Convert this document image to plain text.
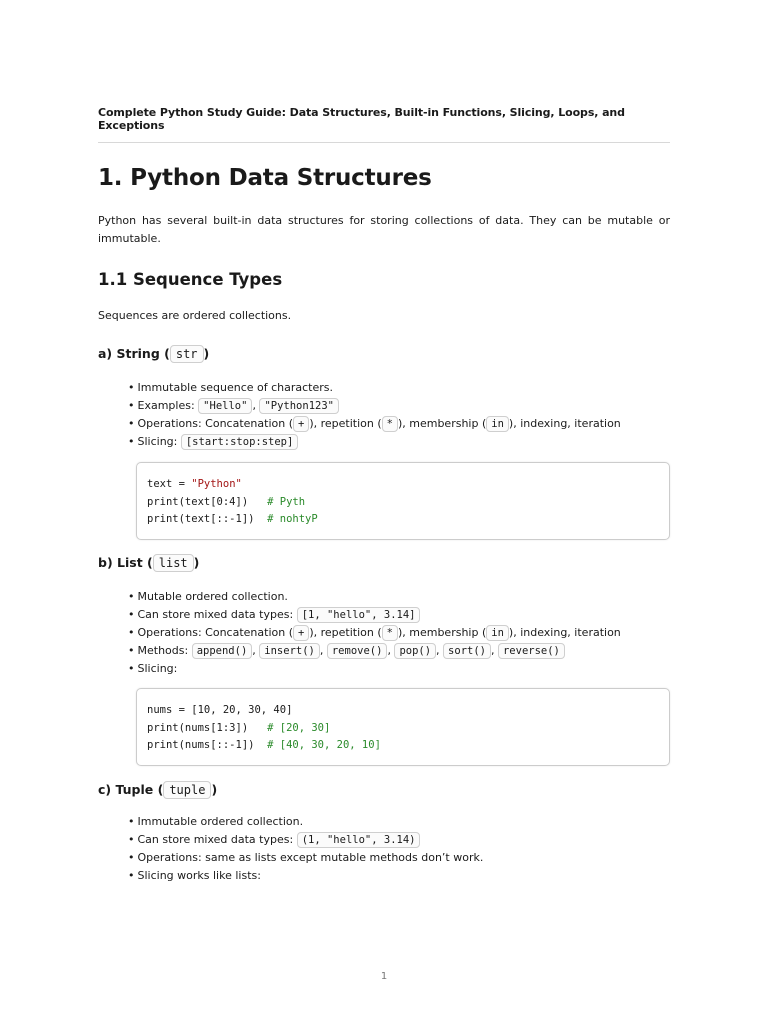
Complete Python Study Guide: Data Structures, Built-in Functions, Slicing, Loops, and Exceptions
1. Python Data Structures

Python has several built-in data structures for storing collections of data. They can be mutable or immutable.

1.1 Sequence Types

Sequences are ordered collections.

a) String ( str )
• Immutable sequence of characters.
• Examples: "Hello" , "Python123"
• Operations: Concatenation ( + ), repetition ( * ), membership ( in ), indexing, iteration
• Slicing: [start:stop:step]
text = "Python"
print(text[0:4])   # Pyth
print(text[::-1])  # nohtyP
b) List ( list )
• Mutable ordered collection.
• Can store mixed data types: [1, "hello", 3.14]
• Operations: Concatenation ( + ), repetition ( * ), membership ( in ), indexing, iteration
• Methods: append() , insert() , remove() , pop() , sort() , reverse()
• Slicing:
nums = [10, 20, 30, 40]
print(nums[1:3])   # [20, 30]
print(nums[::-1])  # [40, 30, 20, 10]
c) Tuple ( tuple )
• Immutable ordered collection.
• Can store mixed data types: (1, "hello", 3.14)
• Operations: same as lists except mutable methods don’t work.
• Slicing works like lists:
1
